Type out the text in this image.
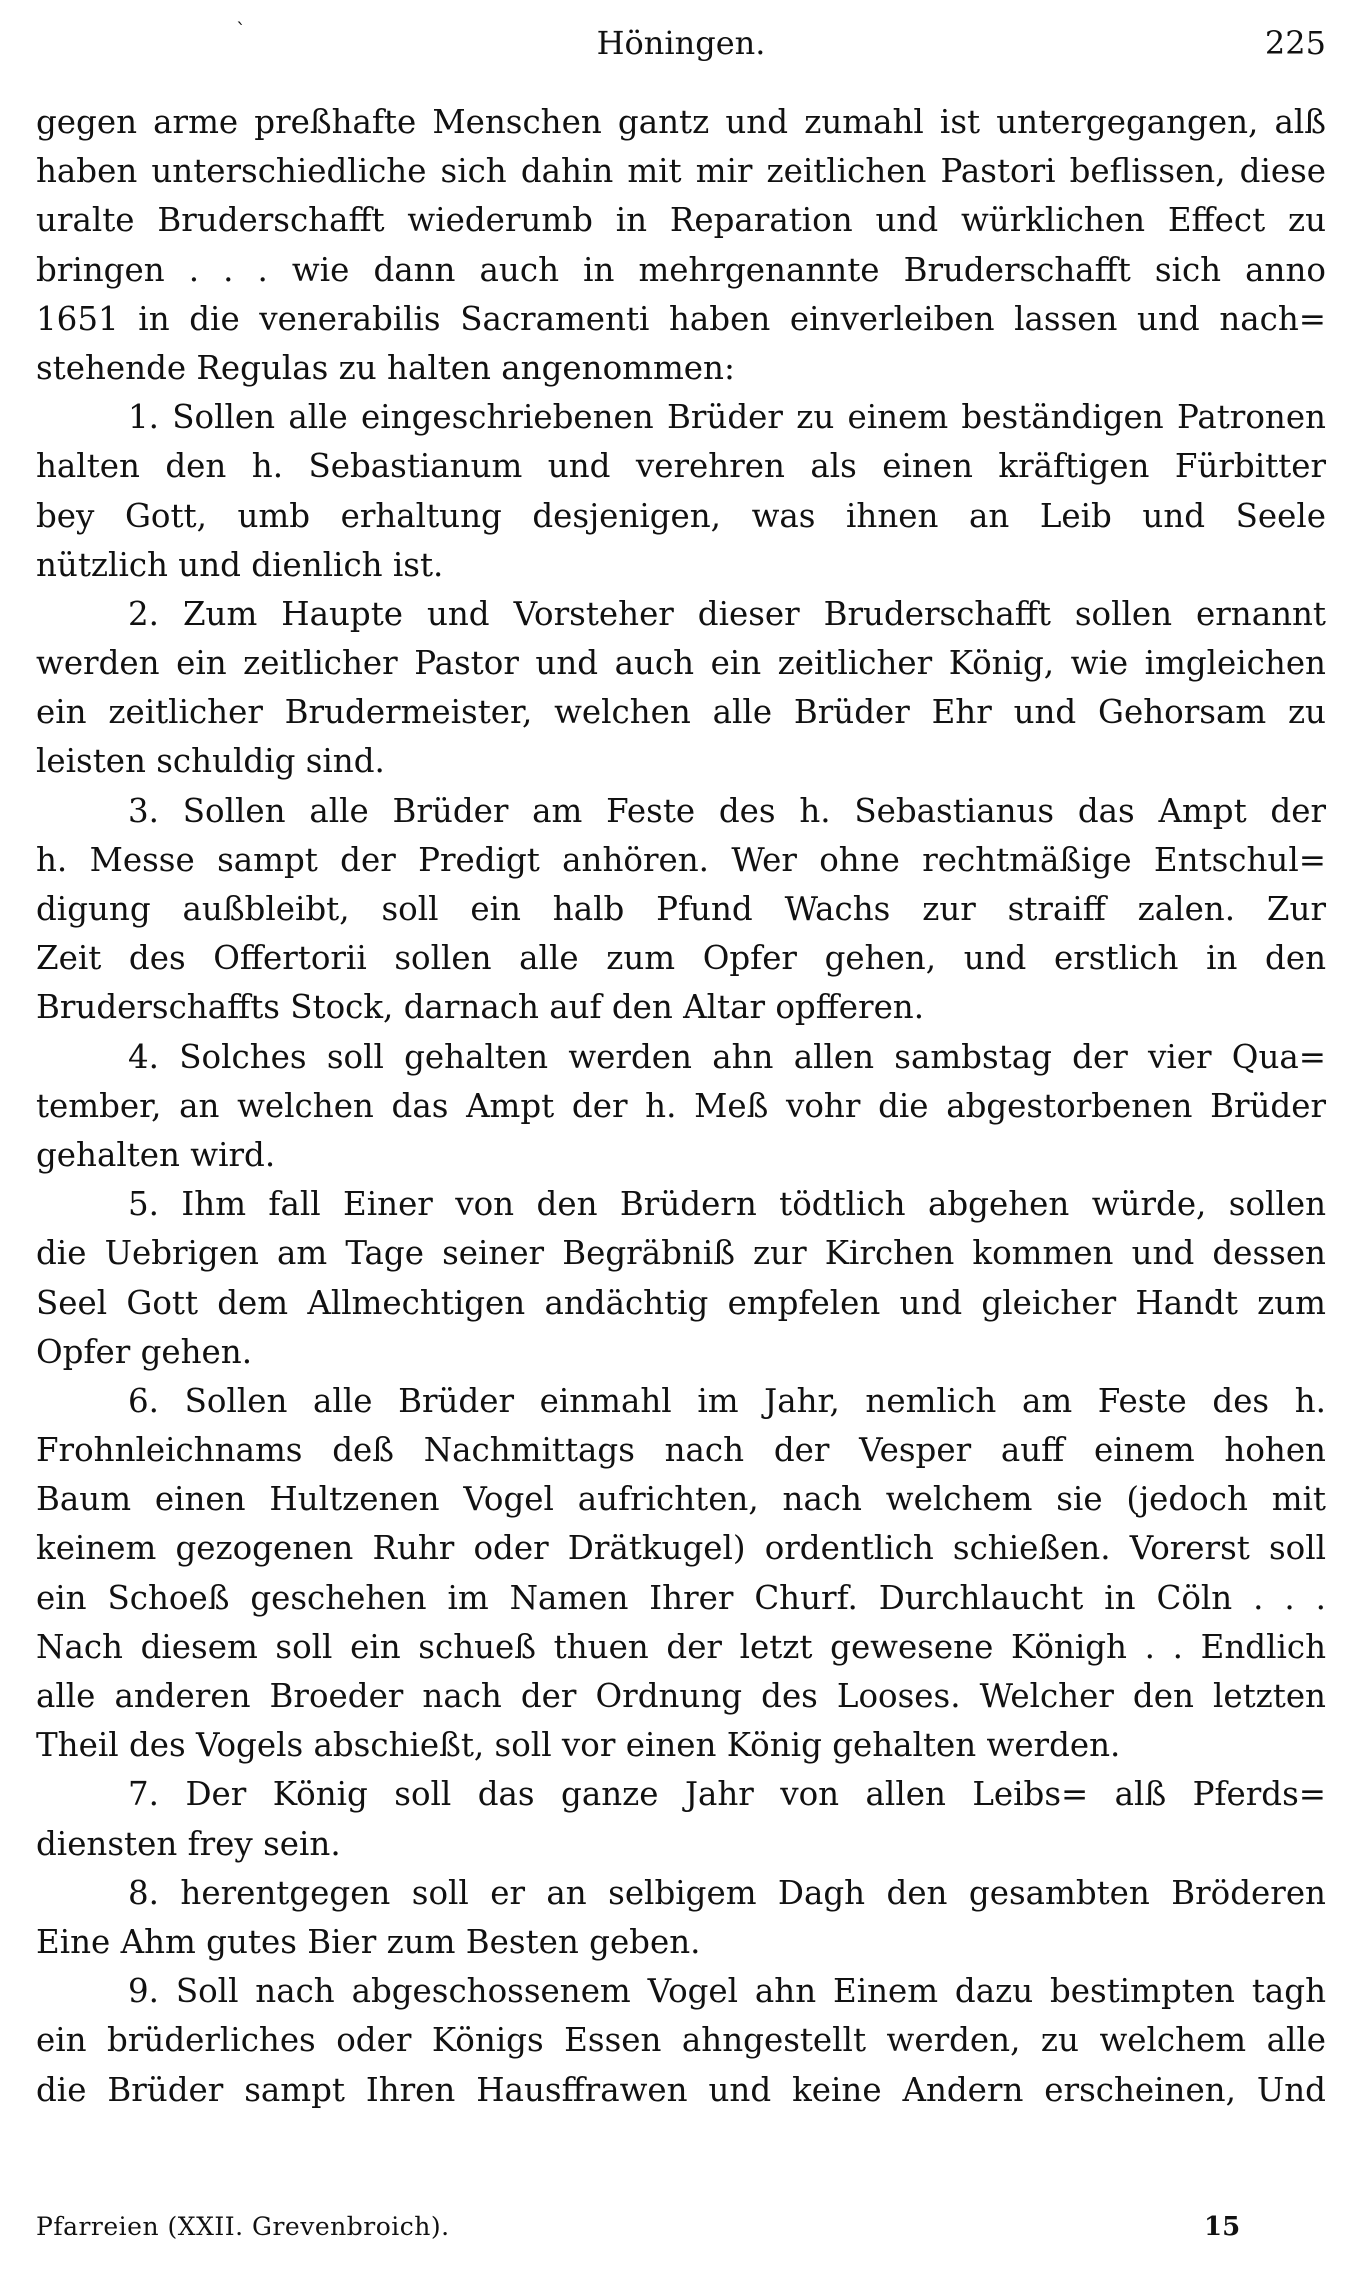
`	Höningen.	225
gegen arme preßhafte Menschen gantz und zumahl ist untergegangen, alß
haben unterschiedliche sich dahin mit mir zeitlichen Pastori beflissen, diese
uralte Bruderschafft wiederumb in Reparation und würklichen Effect zu
bringen . . . wie dann auch in mehrgenannte Bruderschafft sich anno
1651 in die venerabilis Sacramenti haben einverleiben lassen und nach=
stehende Regulas zu halten angenommen:
1. Sollen alle eingeschriebenen Brüder zu einem beständigen Patronen
halten den h. Sebastianum und verehren als einen kräftigen Fürbitter
bey Gott, umb erhaltung desjenigen, was ihnen an Leib und Seele
nützlich und dienlich ist.
2. Zum Haupte und Vorsteher dieser Bruderschafft sollen ernannt
werden ein zeitlicher Pastor und auch ein zeitlicher König, wie imgleichen
ein zeitlicher Brudermeister, welchen alle Brüder Ehr und Gehorsam zu
leisten schuldig sind.
3. Sollen alle Brüder am Feste des h. Sebastianus das Ampt der
h. Messe sampt der Predigt anhören. Wer ohne rechtmäßige Entschul=
digung außbleibt, soll ein halb Pfund Wachs zur straiff zalen. Zur
Zeit des Offertorii sollen alle zum Opfer gehen, und erstlich in den
Bruderschaffts Stock, darnach auf den Altar opfferen.
4. Solches soll gehalten werden ahn allen sambstag der vier Qua=
tember, an welchen das Ampt der h. Meß vohr die abgestorbenen Brüder
gehalten wird.
5. Ihm fall Einer von den Brüdern tödtlich abgehen würde, sollen
die Uebrigen am Tage seiner Begräbniß zur Kirchen kommen und dessen
Seel Gott dem Allmechtigen andächtig empfelen und gleicher Handt zum
Opfer gehen.
6. Sollen alle Brüder einmahl im Jahr, nemlich am Feste des h.
Frohnleichnams deß Nachmittags nach der Vesper auff einem hohen
Baum einen Hultzenen Vogel aufrichten, nach welchem sie (jedoch mit
keinem gezogenen Ruhr oder Drätkugel) ordentlich schießen. Vorerst soll
ein Schoeß geschehen im Namen Ihrer Churf. Durchlaucht in Cöln . . .
Nach diesem soll ein schueß thuen der letzt gewesene Königh . . Endlich
alle anderen Broeder nach der Ordnung des Looses. Welcher den letzten
Theil des Vogels abschießt, soll vor einen König gehalten werden.
7. Der König soll das ganze Jahr von allen Leibs= alß Pferds=
diensten frey sein.
8. herentgegen soll er an selbigem Dagh den gesambten Bröderen
Eine Ahm gutes Bier zum Besten geben.
9. Soll nach abgeschossenem Vogel ahn Einem dazu bestimpten tagh
ein brüderliches oder Königs Essen ahngestellt werden, zu welchem alle
die Brüder sampt Ihren Hausffrawen und keine Andern erscheinen, Und
Pfarreien (XXII. Grevenbroich).	15
